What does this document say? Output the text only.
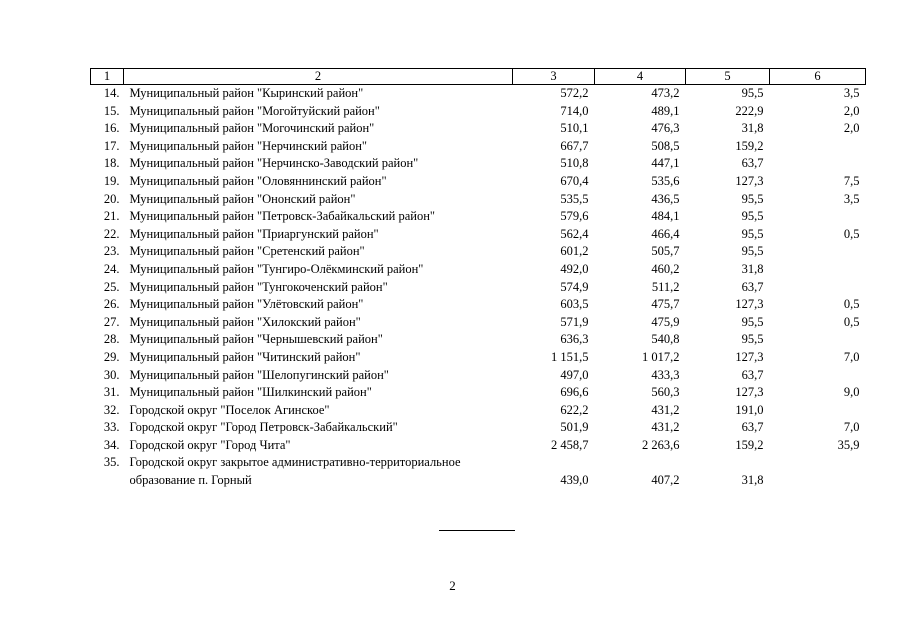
1	2	3	4	5	6
14.	Муниципальный район "Кыринский район"	572,2	473,2	95,5	3,5
15.	Муниципальный район "Могойтуйский район"	714,0	489,1	222,9	2,0
16.	Муниципальный район "Могочинский район"	510,1	476,3	31,8	2,0
17.	Муниципальный район "Нерчинский район"	667,7	508,5	159,2	
18.	Муниципальный район "Нерчинско-Заводский район"	510,8	447,1	63,7	
19.	Муниципальный район "Оловяннинский район"	670,4	535,6	127,3	7,5
20.	Муниципальный район "Ононский район"	535,5	436,5	95,5	3,5
21.	Муниципальный район "Петровск-Забайкальский район"	579,6	484,1	95,5	
22.	Муниципальный район "Приаргунский район"	562,4	466,4	95,5	0,5
23.	Муниципальный район "Сретенский район"	601,2	505,7	95,5	
24.	Муниципальный район "Тунгиро-Олёкминский район"	492,0	460,2	31,8	
25.	Муниципальный район "Тунгокоченский район"	574,9	511,2	63,7	
26.	Муниципальный район "Улётовский район"	603,5	475,7	127,3	0,5
27.	Муниципальный район "Хилокский район"	571,9	475,9	95,5	0,5
28.	Муниципальный район "Чернышевский район"	636,3	540,8	95,5	
29.	Муниципальный район "Читинский район"	1 151,5	1 017,2	127,3	7,0
30.	Муниципальный район "Шелопугинский район"	497,0	433,3	63,7	
31.	Муниципальный район "Шилкинский район"	696,6	560,3	127,3	9,0
32.	Городской округ "Поселок Агинское"	622,2	431,2	191,0	
33.	Городской округ "Город Петровск-Забайкальский"	501,9	431,2	63,7	7,0
34.	Городской округ "Город Чита"	2 458,7	2 263,6	159,2	35,9
35.	Городской округ закрытое административно-территориальное образование п. Горный	439,0	407,2	31,8	
2
